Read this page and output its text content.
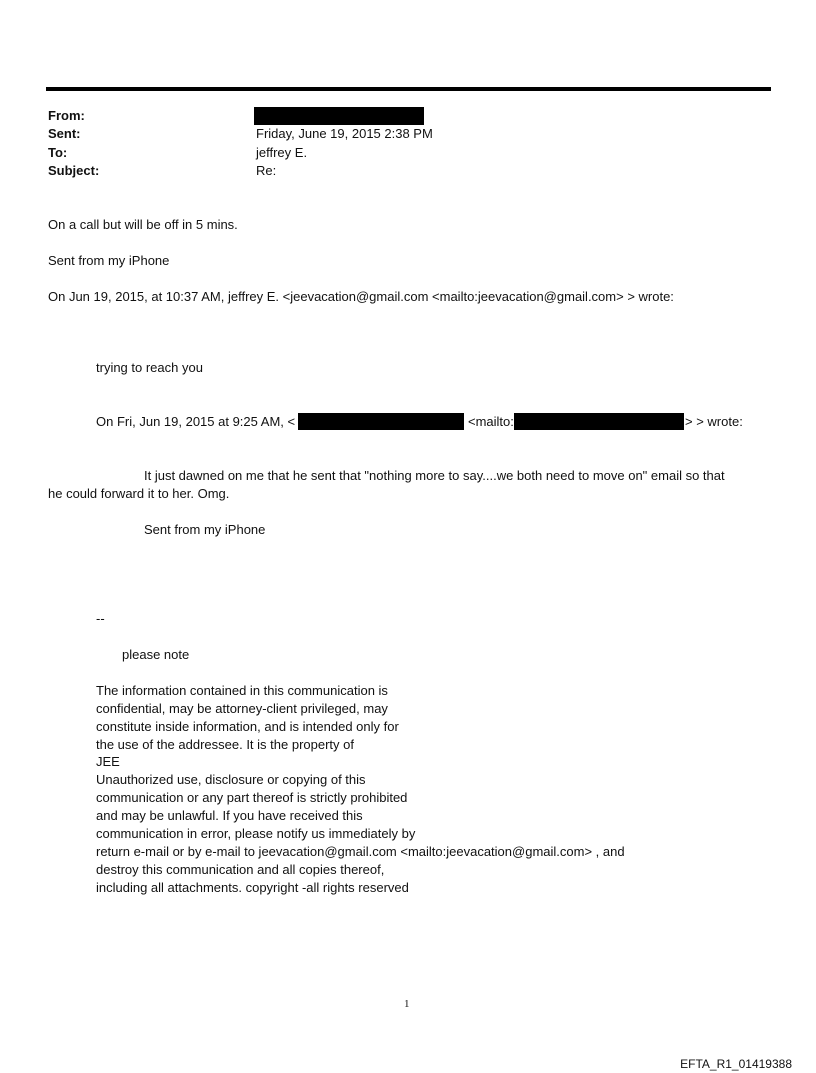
From:
Sent:	Friday, June 19, 2015 2:38 PM
To:	jeffrey E.
Subject:	Re:
On a call but will be off in 5 mins.
Sent from my iPhone
On Jun 19, 2015, at 10:37 AM, jeffrey E. <jeevacation@gmail.com <mailto:jeevacation@gmail.com> > wrote:
trying to reach you
On Fri, Jun 19, 2015 at 9:25 AM, <	<mailto:	> > wrote:
It just dawned on me that he sent that "nothing more to say....we both need to move on" email so that
he could forward it to her. Omg.
Sent from my iPhone
--
please note
The information contained in this communication is
confidential, may be attorney-client privileged, may
constitute inside information, and is intended only for
the use of the addressee. It is the property of
JEE
Unauthorized use, disclosure or copying of this
communication or any part thereof is strictly prohibited
and may be unlawful. If you have received this
communication in error, please notify us immediately by
return e-mail or by e-mail to jeevacation@gmail.com <mailto:jeevacation@gmail.com> , and
destroy this communication and all copies thereof,
including all attachments. copyright -all rights reserved
1
EFTA_R1_01419388
